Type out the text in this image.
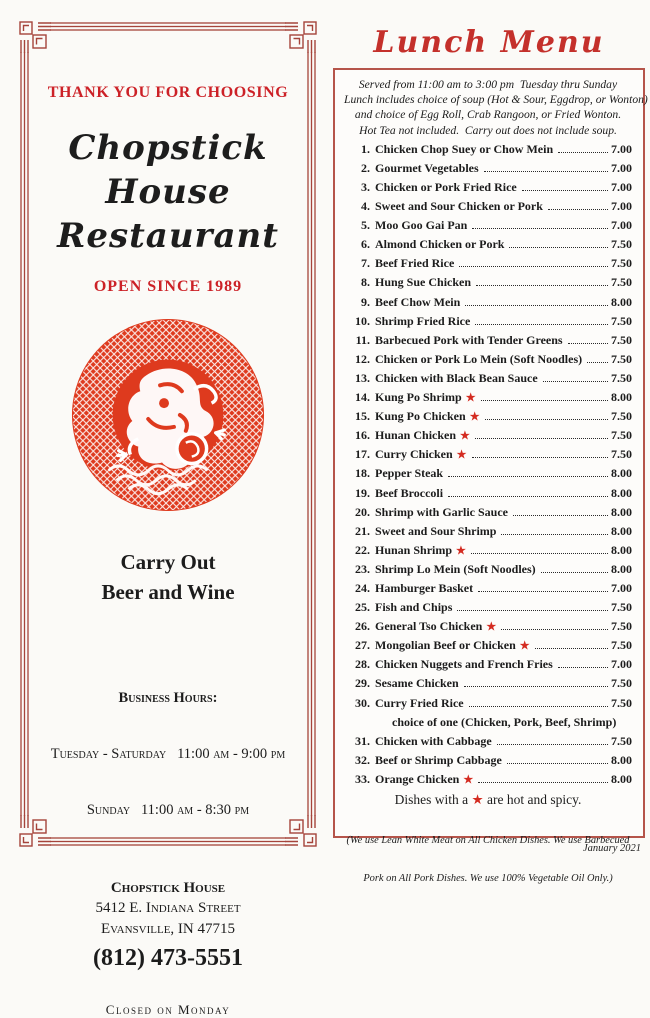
THANK YOU FOR CHOOSING
Chopstick House
Restaurant
OPEN SINCE 1989
Carry Out
Beer and Wine

Business Hours:

Tuesday - Saturday   11:00 am - 9:00 pm

Sunday   11:00 am - 8:30 pm

Chopstick House
5412 E. Indiana Street
Evansville, IN 47715
(812) 473-5551
Closed on Monday
Lunch Menu
Served from 11:00 am to 3:00 pm  Tuesday thru Sunday
Lunch includes choice of soup (Hot & Sour, Eggdrop, or Wonton)
and choice of Egg Roll, Crab Rangoon, or Fried Wonton.
Hot Tea not included.  Carry out does not include soup.
1. Chicken Chop Suey or Chow Mein	7.00
2. Gourmet Vegetables	7.00
3. Chicken or Pork Fried Rice	7.00
4. Sweet and Sour Chicken or Pork	7.00
5. Moo Goo Gai Pan	7.00
6. Almond Chicken or Pork	7.50
7. Beef Fried Rice	7.50
8. Hung Sue Chicken	7.50
9. Beef Chow Mein	8.00
10. Shrimp Fried Rice	7.50
11. Barbecued Pork with Tender Greens	7.50
12. Chicken or Pork Lo Mein (Soft Noodles) 7.50
13. Chicken with Black Bean Sauce	7.50
14. Kung Po Shrimp ★	8.00
15. Kung Po Chicken ★	7.50
16. Hunan Chicken ★	7.50
17. Curry Chicken ★	7.50
18. Pepper Steak	8.00
19. Beef Broccoli	8.00
20. Shrimp with Garlic Sauce	8.00
21. Sweet and Sour Shrimp	8.00
22. Hunan Shrimp ★	8.00
23. Shrimp Lo Mein (Soft Noodles)	8.00
24. Hamburger Basket	7.00
25. Fish and Chips	7.50
26. General Tso Chicken ★	7.50
27. Mongolian Beef or Chicken ★	7.50
28. Chicken Nuggets and French Fries	7.00
29. Sesame Chicken	7.50
30. Curry Fried Rice	7.50
choice of one (Chicken, Pork, Beef, Shrimp)
31. Chicken with Cabbage	7.50
32. Beef or Shrimp Cabbage	8.00
33. Orange Chicken ★	8.00
Dishes with a ★ are hot and spicy.

(We use Lean White Meat on All Chicken Dishes. We use Barbecued

Pork on All Pork Dishes. We use 100% Vegetable Oil Only.)

January 2021
